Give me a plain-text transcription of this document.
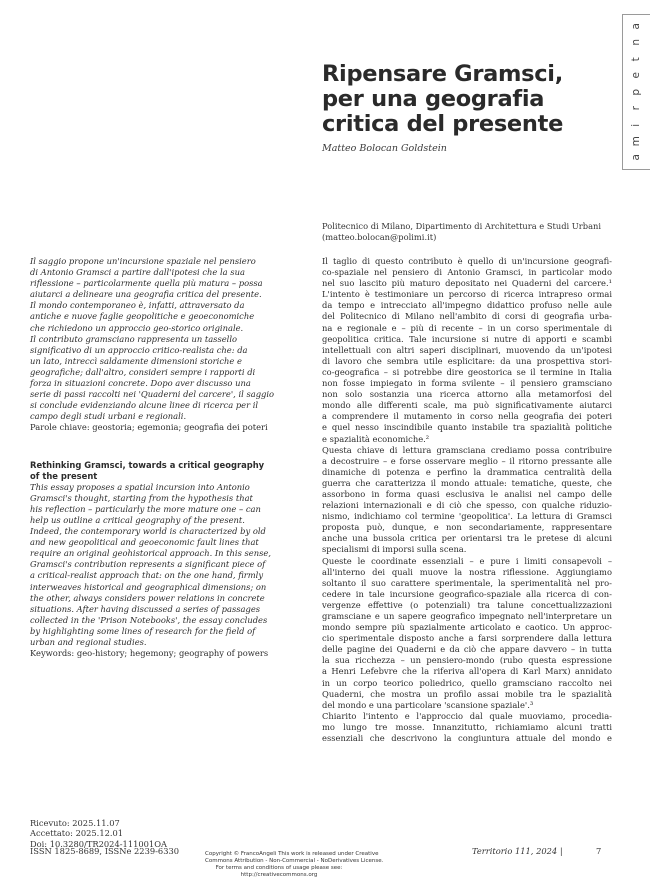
a
n
t
e
p
r
i
m
a
Ripensare Gramsci,
per una geografia
critica del presente
Matteo Bolocan Goldstein
Politecnico di Milano, Dipartimento di Architettura e Studi Urbani
(matteo.bolocan@polimi.it)
Il saggio propone un'incursione spaziale nel pensiero
di Antonio Gramsci a partire dall'ipotesi che la sua
riflessione – particolarmente quella più matura – possa
aiutarci a delineare una geografia critica del presente.
Il mondo contemporaneo è, infatti, attraversato da
antiche e nuove faglie geopolitiche e geoeconomiche
che richiedono un approccio geo-storico originale.
Il contributo gramsciano rappresenta un tassello
significativo di un approccio critico-realista che: da
un lato, intreccì saldamente dimensioni storiche e
geografiche; dall'altro, consideri sempre i rapporti di
forza in situazioni concrete. Dopo aver discusso una
serie di passi raccolti nei 'Quaderni del carcere', il saggio
si conclude evidenziando alcune linee di ricerca per il
campo degli studi urbani e regionali.
Parole chiave: geostoria; egemonia; geografia dei poteri
Rethinking Gramsci, towards a critical geography
of the present
This essay proposes a spatial incursion into Antonio
Gramsci's thought, starting from the hypothesis that
his reflection – particularly the more mature one – can
help us outline a critical geography of the present.
Indeed, the contemporary world is characterized by old
and new geopolitical and geoeconomic fault lines that
require an original geohistorical approach. In this sense,
Gramsci's contribution represents a significant piece of
a critical-realist approach that: on the one hand, firmly
interweaves historical and geographical dimensions; on
the other, always considers power relations in concrete
situations. After having discussed a series of passages
collected in the 'Prison Notebooks', the essay concludes
by highlighting some lines of research for the field of
urban and regional studies.
Keywords: geo-history; hegemony; geography of powers
Il taglio di questo contributo è quello di un'incursione geografi-
co-spaziale nel pensiero di Antonio Gramsci, in particolar modo
nel suo lascito più maturo depositato nei Quaderni del carcere.¹
L'intento è testimoniare un percorso di ricerca intrapreso ormai
da tempo e intrecciato all'impegno didattico profuso nelle aule
del Politecnico di Milano nell'ambito di corsi di geografia urba-
na e regionale e – più di recente – in un corso sperimentale di
geopolitica critica. Tale incursione si nutre di apporti e scambi
intellettuali con altri saperi disciplinari, muovendo da un'ipotesi
di lavoro che sembra utile esplicitare: da una prospettiva stori-
co-geografica – si potrebbe dire geostorica se il termine in Italia
non fosse impiegato in forma svilente – il pensiero gramsciano
non solo sostanzia una ricerca attorno alla metamorfosi del
mondo alle differenti scale, ma può significativamente aiutarci
a comprendere il mutamento in corso nella geografia dei poteri
e quel nesso inscindibile quanto instabile tra spazialità politiche
e spazialità economiche.²
Questa chiave di lettura gramsciana crediamo possa contribuire
a decostruire – e forse osservare meglio – il ritorno pressante alle
dinamiche di potenza e perfino la drammatica centralità della
guerra che caratterizza il mondo attuale: tematiche, queste, che
assorbono in forma quasi esclusiva le analisi nel campo delle
relazioni internazionali e di ciò che spesso, con qualche riduzio-
nismo, indichiamo col termine 'geopolitica'. La lettura di Gramsci
proposta può, dunque, e non secondariamente, rappresentare
anche una bussola critica per orientarsi tra le pretese di alcuni
specialismi di imporsi sulla scena.
Queste le coordinate essenziali – e pure i limiti consapevoli –
all'interno dei quali muove la nostra riflessione. Aggiungiamo
soltanto il suo carattere sperimentale, la sperimentalità nel pro-
cedere in tale incursione geografico-spaziale alla ricerca di con-
vergenze effettive (o potenziali) tra talune concettualizzazioni
gramsciane e un sapere geografico impegnato nell'interpretare un
mondo sempre più spazialmente articolato e caotico. Un approc-
cio sperimentale disposto anche a farsi sorprendere dalla lettura
delle pagine dei Quaderni e da ciò che appare davvero – in tutta
la sua ricchezza – un pensiero-mondo (rubo questa espressione
a Henri Lefebvre che la riferiva all'opera di Karl Marx) annidato
in un corpo teorico poliedrico, quello gramsciano raccolto nei
Quaderni, che mostra un profilo assai mobile tra le spazialità
del mondo e una particolare 'scansione spaziale'.³
Chiarito l'intento e l'approccio dal quale muoviamo, procedia-
mo lungo tre mosse. Innanzitutto, richiamiamo alcuni tratti
essenziali che descrivono la congiuntura attuale del mondo e
Ricevuto: 2025.11.07
Accettato: 2025.12.01
Doi: 10.3280/TR2024-111001OA
ISSN 1825-8689, ISSNe 2239-6330	Copyright © FrancoAngeli This work is released under Creative
Commons Attribution - Non-Commercial - NoDerivatives License.
For terms and conditions of usage please see:
http://creativecommons.org
Territorio 111, 2024 |	7
